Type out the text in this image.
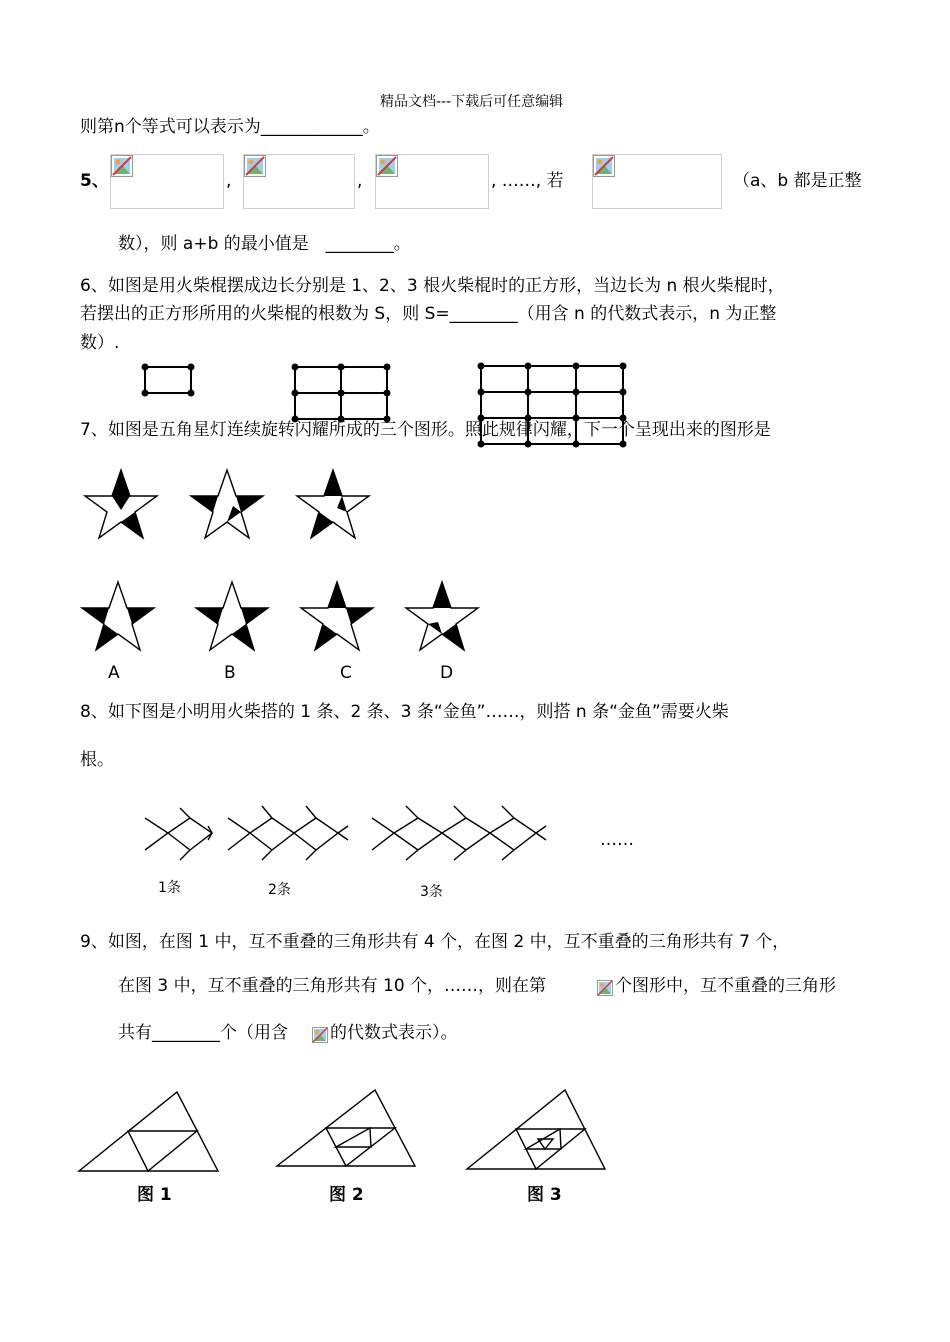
精品文档---下载后可任意编辑
则第n个等式可以表示为____________。
5、	,	,	, ……, 若	（a、b 都是正整
数），则 a+b 的最小值是　________。
6、如图是用火柴棍摆成边长分别是 1、2、3 根火柴棍时的正方形，当边长为 n 根火柴棍时，
若摆出的正方形所用的火柴棍的根数为 S，则 S=________（用含 n 的代数式表示，n 为正整
数）.
7、如图是五角星灯连续旋转闪耀所成的三个图形。照此规律闪耀，下一个呈现出来的图形是
A	B	C	D
8、如下图是小明用火柴搭的 1 条、2 条、3 条“金鱼”……，则搭 n 条“金鱼”需要火柴
根。
1条	2条	3条
……
9、如图，在图 1 中，互不重叠的三角形共有 4 个，在图 2 中，互不重叠的三角形共有 7 个，
在图 3 中，互不重叠的三角形共有 10 个，……，则在第	个图形中，互不重叠的三角形
共有________个（用含 的代数式表示）。
图 1	图 2	图 3
